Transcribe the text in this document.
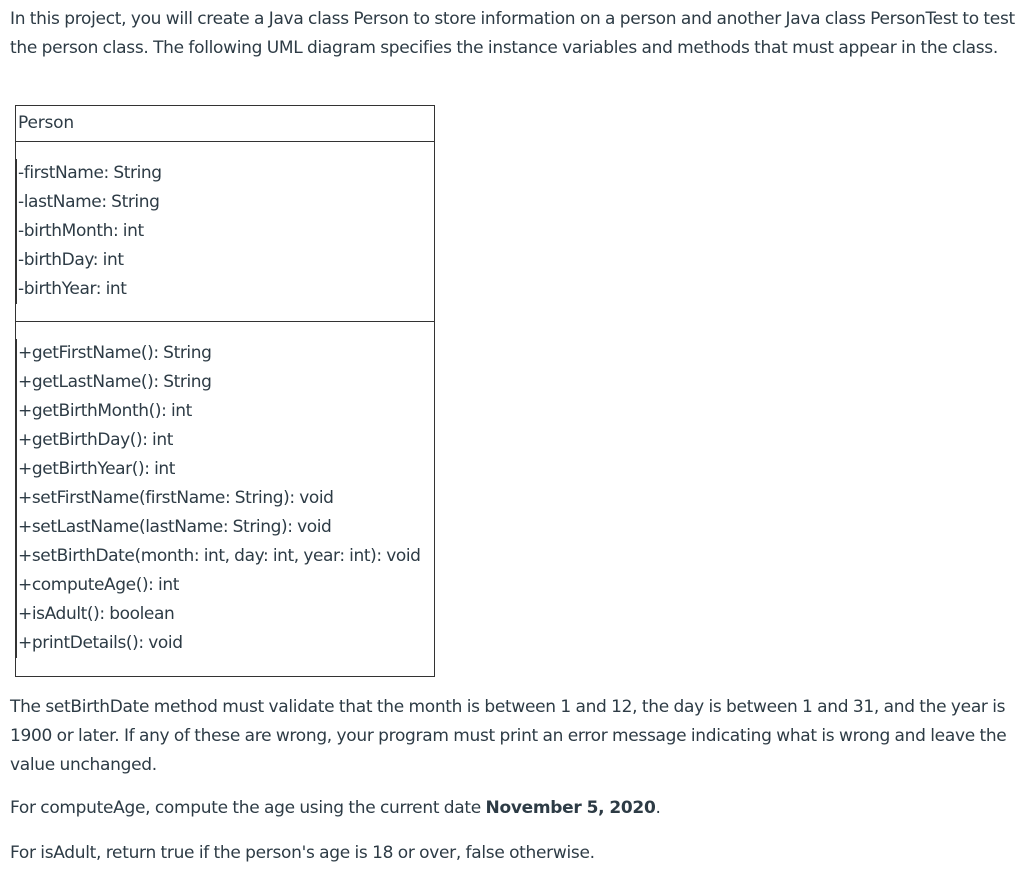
In this project, you will create a Java class Person to store information on a person and another Java class PersonTest to test the person class. The following UML diagram specifies the instance variables and methods that must appear in the class.

Person
-firstName: String
-lastName: String
-birthMonth: int
-birthDay: int
-birthYear: int
+getFirstName(): String
+getLastName(): String
+getBirthMonth(): int
+getBirthDay(): int
+getBirthYear(): int
+setFirstName(firstName: String): void
+setLastName(lastName: String): void
+setBirthDate(month: int, day: int, year: int): void
+computeAge(): int
+isAdult(): boolean
+printDetails(): void

The setBirthDate method must validate that the month is between 1 and 12, the day is between 1 and 31, and the year is 1900 or later. If any of these are wrong, your program must print an error message indicating what is wrong and leave the value unchanged.

For computeAge, compute the age using the current date November 5, 2020.

For isAdult, return true if the person's age is 18 or over, false otherwise.
